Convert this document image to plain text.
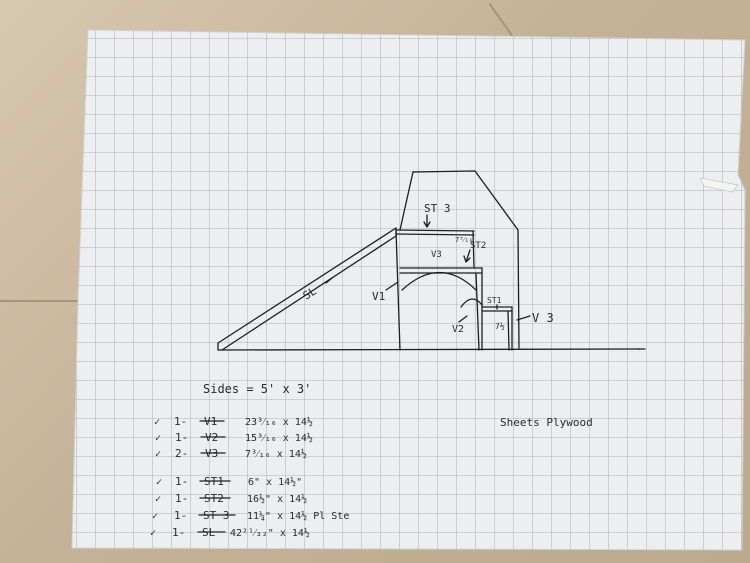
ST 3
V3
7³⁄₁₆
ST2
SL	V1
V2
ST1
7½
V 3
Sides = 5' x 3'
Sheets Plywood
✓ 1- V1	23³⁄₁₆ x 14½
✓ 1- V2	15³⁄₁₆ x 14½
✓ 2- V3	7³⁄₁₆ x 14½
✓ 1- ST1 6" x 14½"
✓ 1- ST2 16½" x 14½
✓ 1- ST 3 11¼" x 14½ Pl Ste
✓ 1- SL 42²¹⁄₃₂" x 14½
